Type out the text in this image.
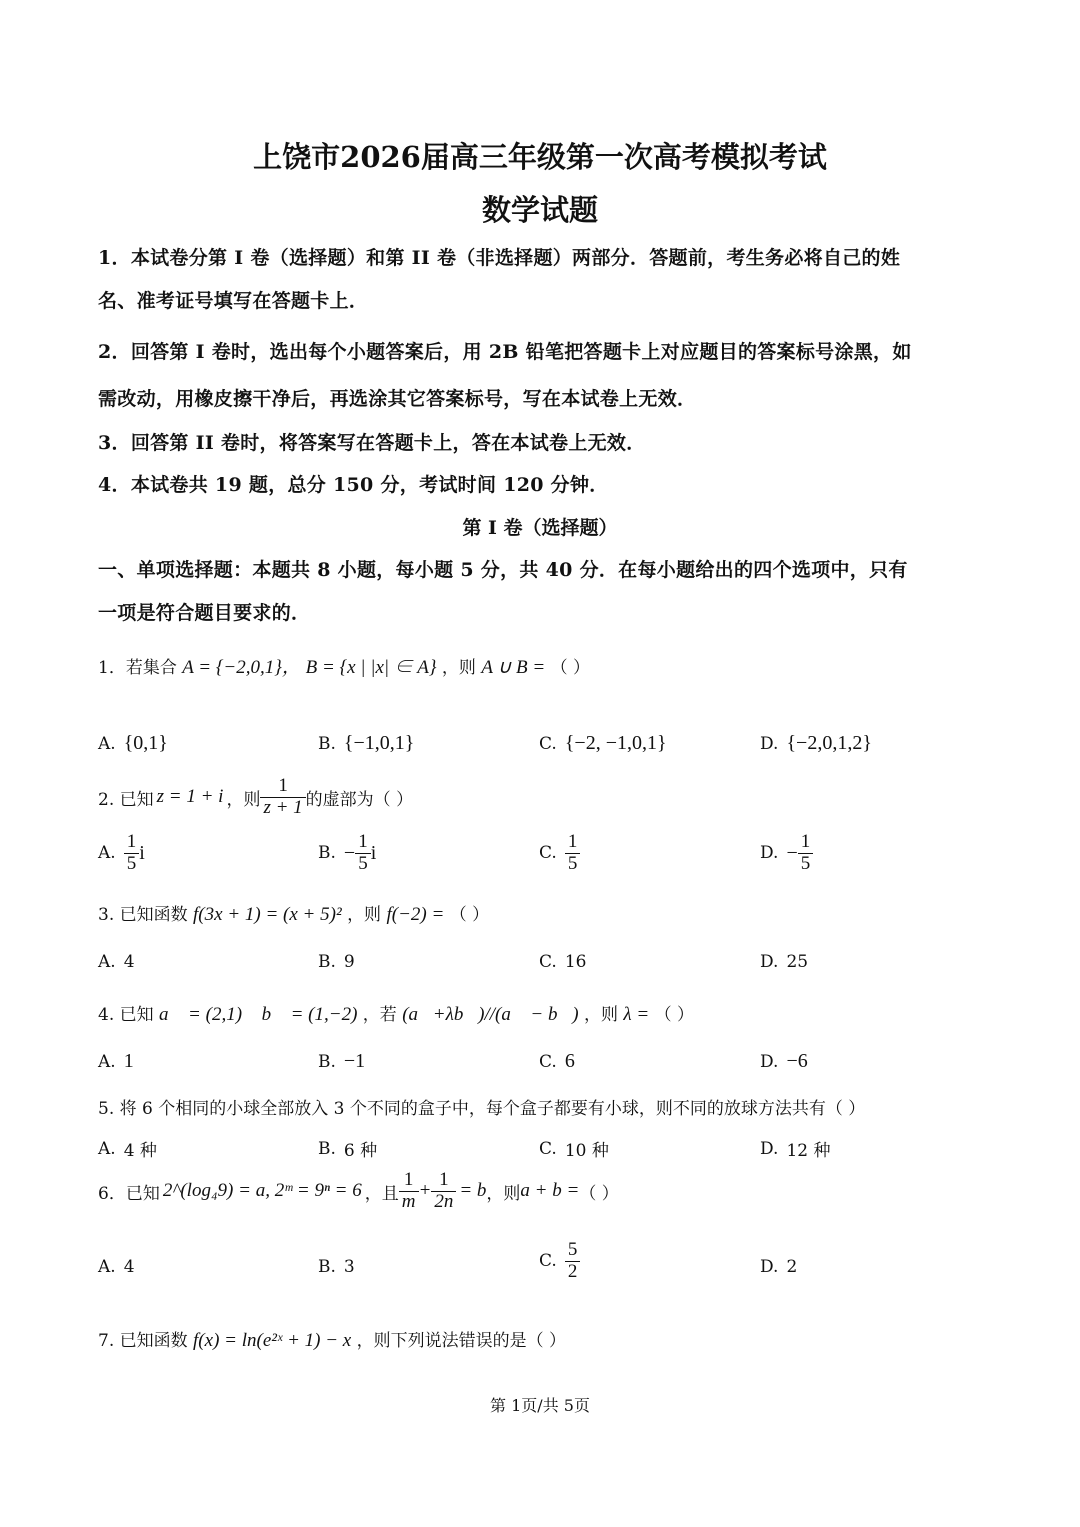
上饶市2026届高三年级第一次高考模拟考试
数学试题
1．本试卷分第 I 卷（选择题）和第 II 卷（非选择题）两部分．答题前，考生务必将自己的姓
名、准考证号填写在答题卡上．
2．回答第 I 卷时，选出每个小题答案后，用 2B 铅笔把答题卡上对应题目的答案标号涂黑，如
需改动，用橡皮擦干净后，再选涂其它答案标号，写在本试卷上无效．
3．回答第 II 卷时，将答案写在答题卡上，答在本试卷上无效．
4．本试卷共 19 题，总分 150 分，考试时间 120 分钟．
第 I 卷（选择题）
一、单项选择题：本题共 8 小题，每小题 5 分，共 40 分．在每小题给出的四个选项中，只有
一项是符合题目要求的．
1．若集合 A = {−2,0,1}， B = {x | |x| ∈ A} ，则 A ∪ B = （ ）
A. {0,1}	B. {−1,0,1}	C. {−2, −1,0,1}	D. {−2,0,1,2}
2. 已知 z = 1 + i ，则 $\frac{1}{z + 1}$ 的虚部为（ ）
A. $\frac{1}{5}$ i	B. − $\frac{1}{5}$ i	C. $\frac{1}{5}$	D. − $\frac{1}{5}$
3. 已知函数 f(3x + 1) = (x + 5)² ，则 f(−2) = （ ）
A. 4	B. 9	C. 16	D. 25
4. 已知 a⃗ = (2,1)， b⃗ = (1,−2) ，若 (a⃗+λb⃗)//(a⃗ − b⃗) ，则 λ = （ ）
A. 1	B. −1	C. 6	D. −6
5. 将 6 个相同的小球全部放入 3 个不同的盒子中，每个盒子都要有小球，则不同的放球方法共有（ ）
A. 4 种	B. 6 种	C. 10 种	D. 12 种
6．已知 2^(log₄9) = a, 2ᵐ = 9ⁿ = 6 ，且 $\frac{1}{m} + \frac{1}{2n} = b$ ，则 a + b = （ ）
A. 4	B. 3	C. $\frac{5}{2}$	D. 2
7. 已知函数 f(x) = ln(e²ˣ + 1) − x ，则下列说法错误的是（ ）
第 1页/共 5页
